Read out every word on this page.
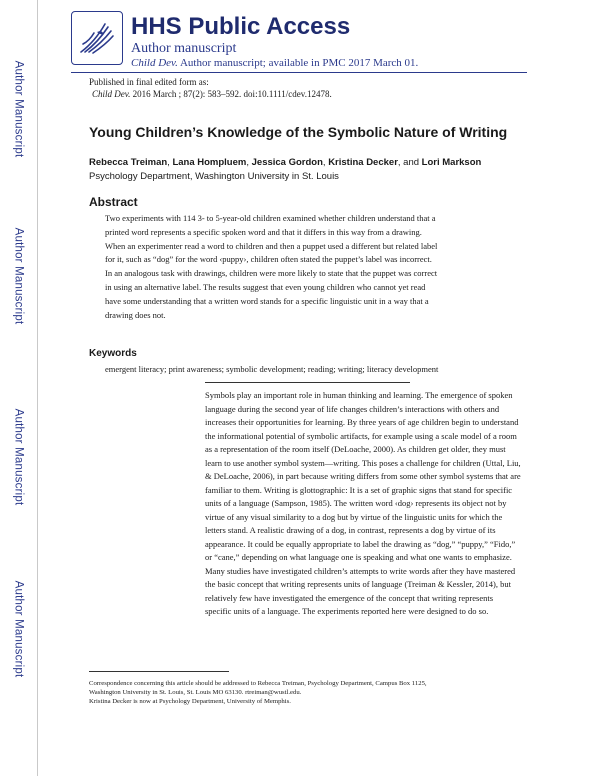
Author Manuscript
Author Manuscript
Author Manuscript
Author Manuscript
HHS Public Access
Author manuscript
Child Dev. Author manuscript; available in PMC 2017 March 01.
Published in final edited form as:
Child Dev. 2016 March ; 87(2): 583–592. doi:10.1111/cdev.12478.
Young Children’s Knowledge of the Symbolic Nature of Writing
Rebecca Treiman, Lana Hompluem, Jessica Gordon, Kristina Decker, and Lori Markson
Psychology Department, Washington University in St. Louis
Abstract
Two experiments with 114 3- to 5-year-old children examined whether children understand that a
printed word represents a specific spoken word and that it differs in this way from a drawing.
When an experimenter read a word to children and then a puppet used a different but related label
for it, such as “dog” for the word ‹puppy›, children often stated the puppet’s label was incorrect.
In an analogous task with drawings, children were more likely to state that the puppet was correct
in using an alternative label. The results suggest that even young children who cannot yet read
have some understanding that a written word stands for a specific linguistic unit in a way that a
drawing does not.
Keywords
emergent literacy; print awareness; symbolic development; reading; writing; literacy development
Symbols play an important role in human thinking and learning. The emergence of spoken
language during the second year of life changes children’s interactions with others and
increases their opportunities for learning. By three years of age children begin to understand
the informational potential of symbolic artifacts, for example using a scale model of a room
as a representation of the room itself (DeLoache, 2000). As children get older, they must
learn to use another symbol system—writing. This poses a challenge for children (Uttal, Liu,
& DeLoache, 2006), in part because writing differs from some other symbol systems that are
familiar to them. Writing is glottographic: It is a set of graphic signs that stand for specific
units of a language (Sampson, 1985). The written word ‹dog› represents its object not by
virtue of any visual similarity to a dog but by virtue of the linguistic units for which the
letters stand. A realistic drawing of a dog, in contrast, represents a dog by virtue of its
appearance. It could be equally appropriate to label the drawing as “dog,” “puppy,” “Fido,”
or “cane,” depending on what language one is speaking and what one wants to emphasize.
Many studies have investigated children’s attempts to write words after they have mastered
the basic concept that writing represents units of language (Treiman & Kessler, 2014), but
relatively few have investigated the emergence of the concept that writing represents
specific units of a language. The experiments reported here were designed to do so.
Correspondence concerning this article should be addressed to Rebecca Treiman, Psychology Department, Campus Box 1125,
Washington University in St. Louis, St. Louis MO 63130. rtreiman@wustl.edu.
Kristina Decker is now at Psychology Department, University of Memphis.
